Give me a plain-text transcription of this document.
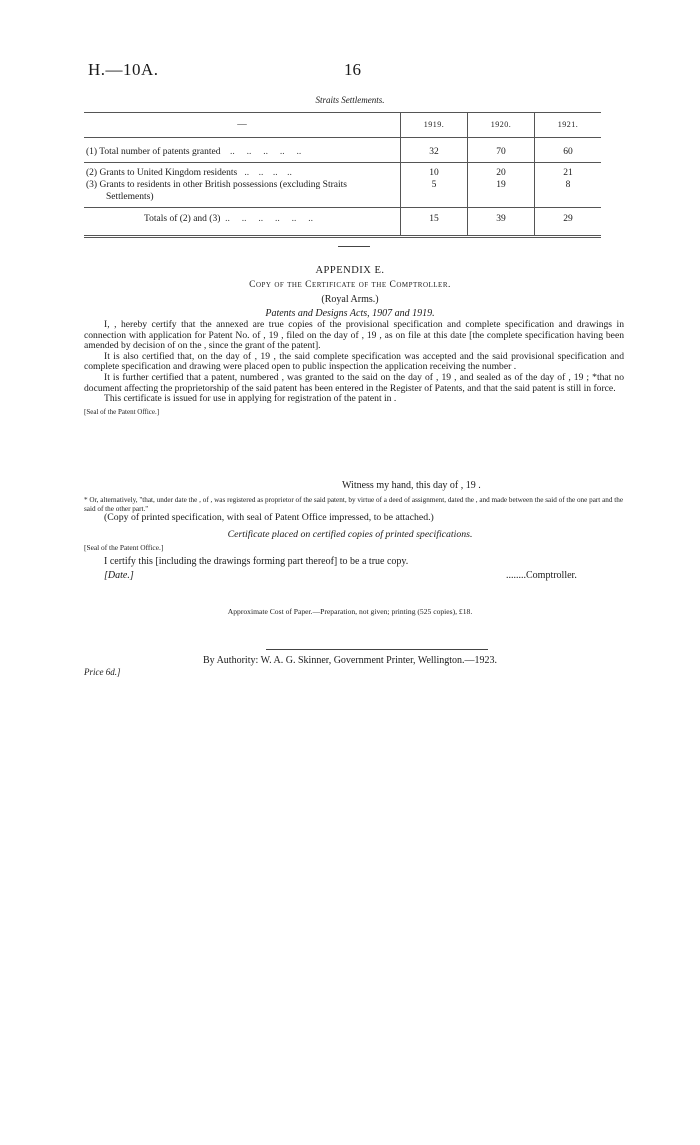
H.—10A.	16
Straits Settlements.
—	1919.	1920.	1921.

(1) Total number of patents granted    ..     ..     ..     ..     ..	32	70	60
(2) Grants to United Kingdom residents   ..    ..    ..    ..	10	20	21
(3) Grants to residents in other British possessions (excluding Straits
Settlements)	5	19	8
Totals of (2) and (3)  ..     ..     ..     ..     ..     ..	15	39	29
APPENDIX E.
Copy of the Certificate of the Comptroller.
(Royal Arms.)
Patents and Designs Acts, 1907 and 1919.

I, , hereby certify that the annexed are true copies of the provisional specification and complete specification and drawings in connection with application for Patent No. of , 19 , filed on the day of , 19 , as on file at this date [the complete specification having been amended by decision of on the , since the grant of the patent].

It is also certified that, on the day of , 19 , the said complete specification was accepted and the said provisional specification and complete specification and drawing were placed open to public inspection the application receiving the number .

It is further certified that a patent, numbered , was granted to the said on the day of , 19 , and sealed as of the day of , 19 ; *that no document affecting the proprietorship of the said patent has been entered in the Register of Patents, and that the said patent is still in force.

This certificate is issued for use in applying for registration of the patent in .

[Seal of the Patent Office.]
Witness my hand, this day of , 19 .
* Or, alternatively, "that, under date the , of , was registered as proprietor of the said patent, by virtue of a deed of assignment, dated the , and made between the said of the one part and the said of the other part."
(Copy of printed specification, with seal of Patent Office impressed, to be attached.)
Certificate placed on certified copies of printed specifications.
[Seal of the Patent Office.]
I certify this [including the drawings forming part thereof] to be a true copy.
[Date.]	........Comptroller.
Approximate Cost of Paper.—Preparation, not given; printing (525 copies), £18.
By Authority: W. A. G. Skinner, Government Printer, Wellington.—1923.
Price 6d.]
